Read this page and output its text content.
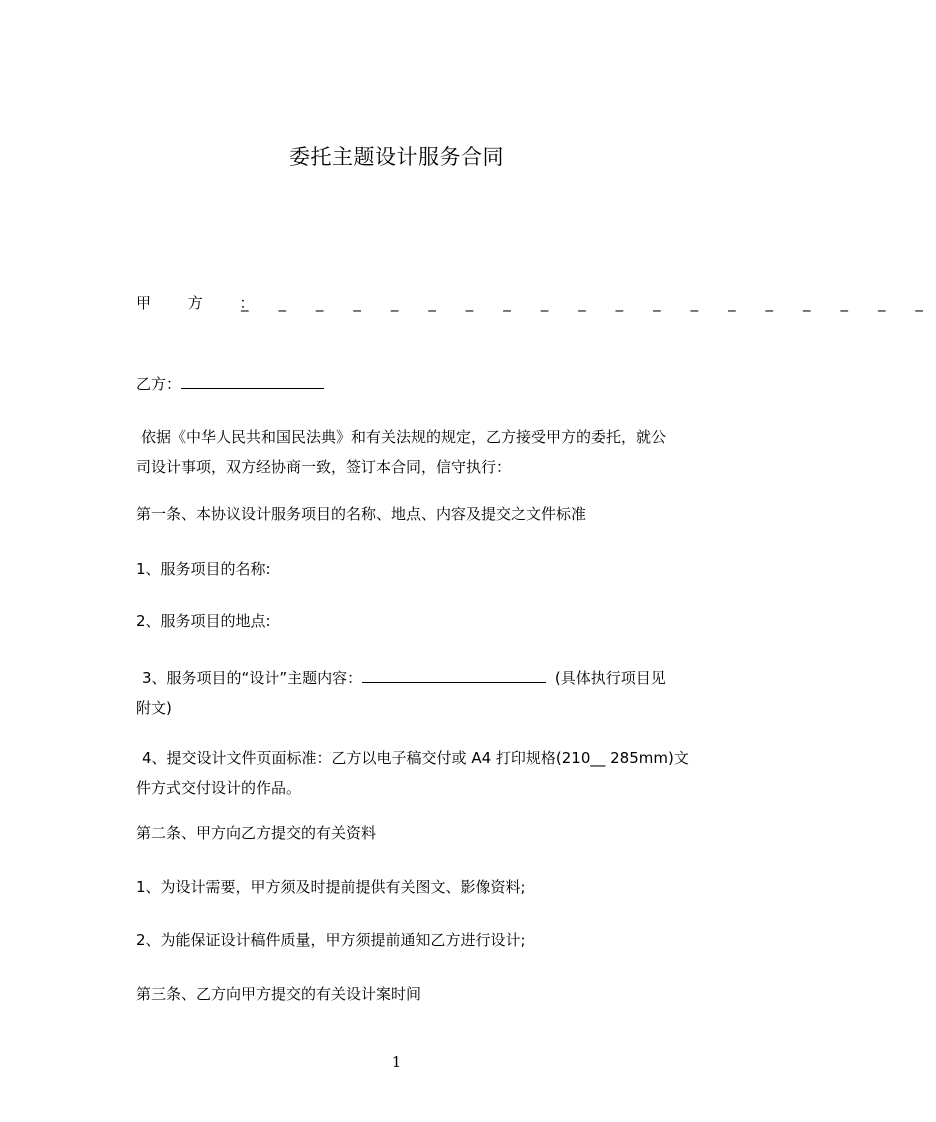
委托主题设计服务合同
甲 方 ：
_ _ _ _ _ _ _ _ _ _ _ _ _ _ _ _ _ _ _
乙方：
依据《中华人民共和国民法典》和有关法规的规定，乙方接受甲方的委托，就公
司设计事项，双方经协商一致，签订本合同，信守执行：
第一条、本协议设计服务项目的名称、地点、内容及提交之文件标准
1、服务项目的名称:
2、服务项目的地点:
3、服务项目的“设计”主题内容：	(具体执行项目见
附文)
4、提交设计文件页面标准：乙方以电子稿交付或 A4 打印规格(210__ 285mm)文
件方式交付设计的作品。
第二条、甲方向乙方提交的有关资料
1、为设计需要，甲方须及时提前提供有关图文、影像资料;
2、为能保证设计稿件质量，甲方须提前通知乙方进行设计;
第三条、乙方向甲方提交的有关设计案时间
1
